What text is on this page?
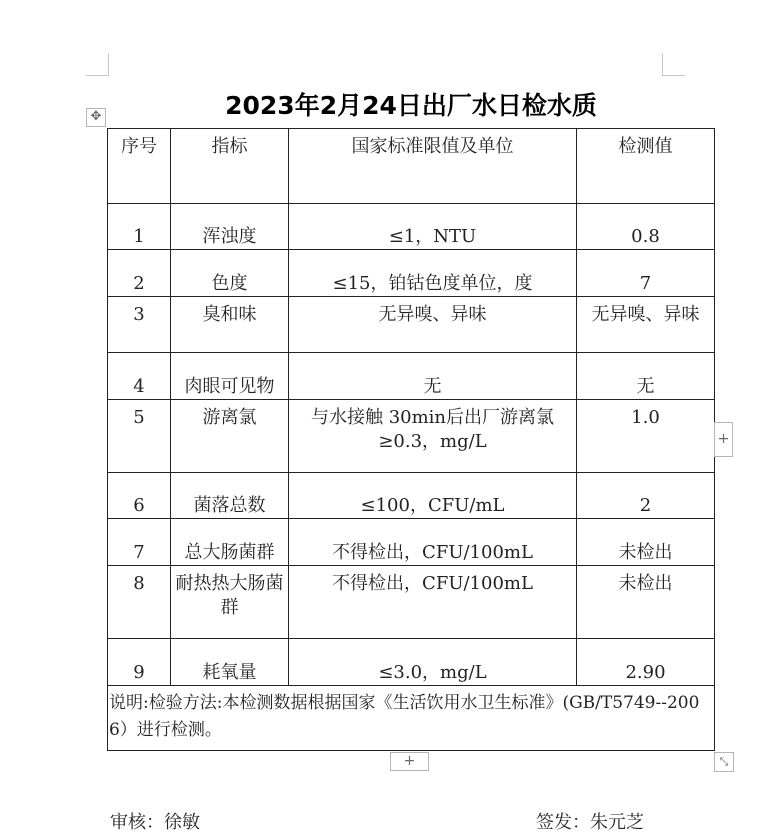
✥	2023年2月24日出厂水日检水质
序号	指标	国家标准限值及单位	检测值
1	浑浊度	≤1，NTU	0.8
2	色度	≤15，铂钴色度单位，度	7
3	臭和味	无异嗅、异味	无异嗅、异味
4	肉眼可见物	无	无
5	游离氯	与水接触 30min后出厂游离氯≥0.3，mg/L	1.0
6	菌落总数	≤100，CFU/mL	2
7	总大肠菌群	不得检出，CFU/100mL	未检出
8	耐热热大肠菌群	不得检出，CFU/100mL	未检出
9	耗氧量	≤3.0，mg/L	2.90
说明:检验方法:本检测数据根据国家《生活饮用水卫生标准》(GB/T5749--2006）进行检测。			
+
+	⤡
审核：徐敏	签发：朱元芝
